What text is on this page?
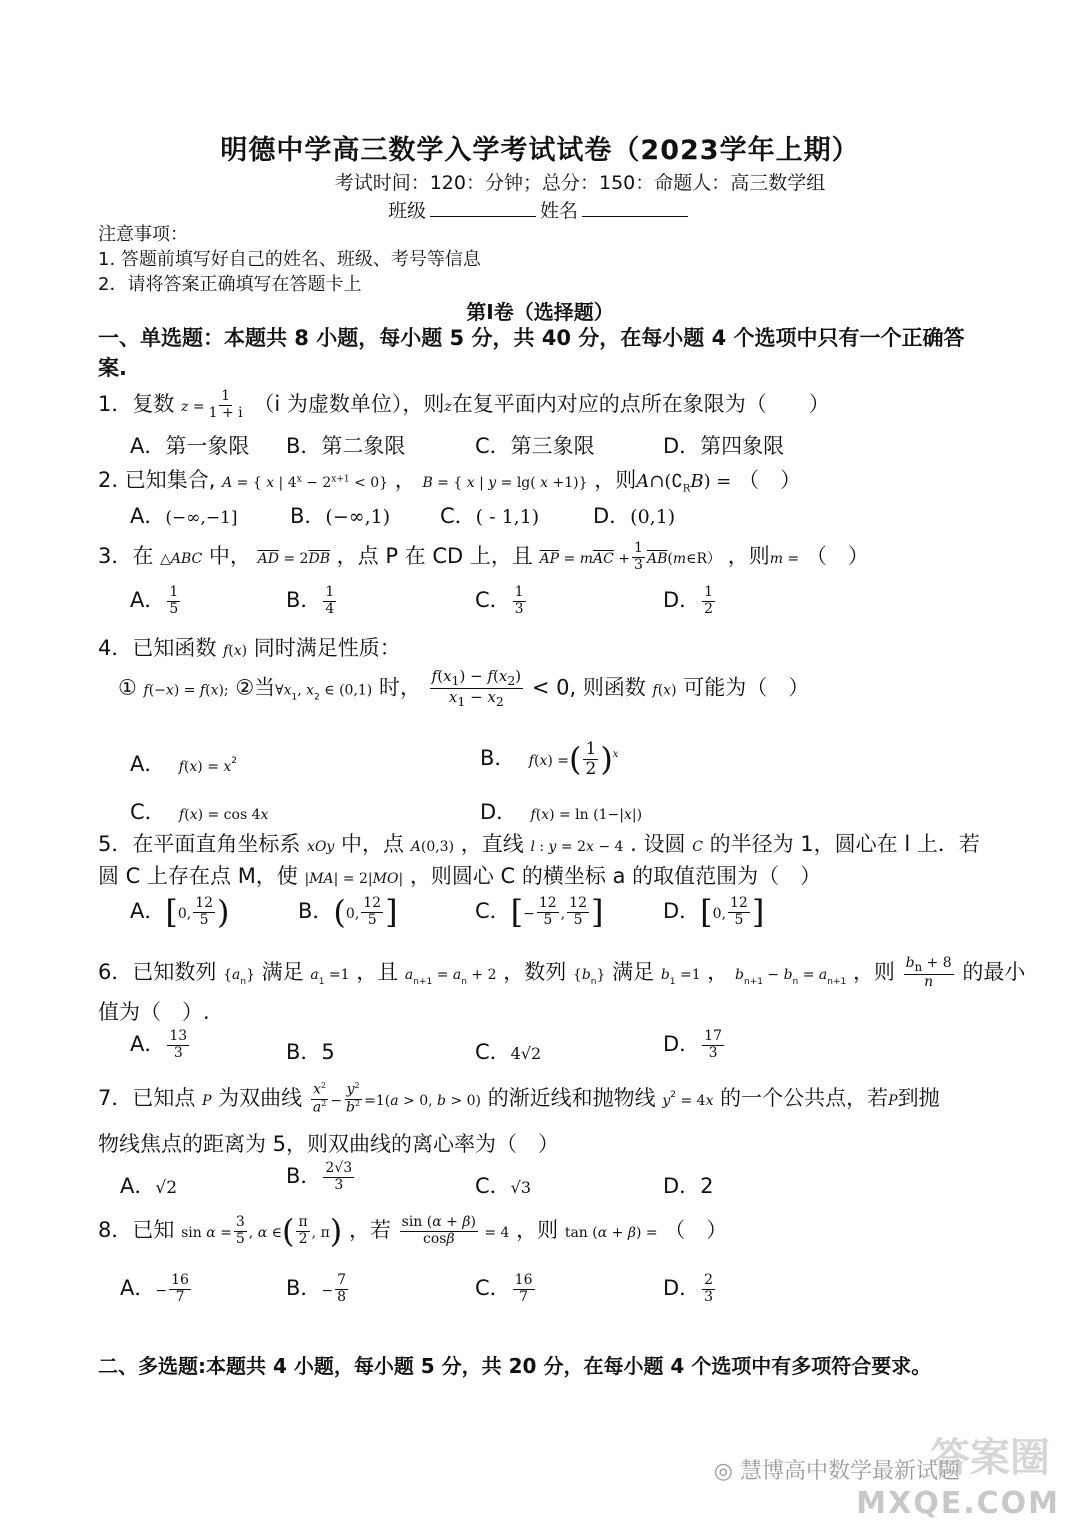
明德中学高三数学入学考试试卷（2023学年上期）
考试时间：120：分钟；总分：150：命题人：高三数学组
班级	姓名
注意事项：
1. 答题前填写好自己的姓名、班级、考号等信息
2．请将答案正确填写在答题卡上
第Ⅰ卷（选择题）
一、单选题：本题共 8 小题，每小题 5 分，共 40 分，在每小题 4 个选项中只有一个正确答
案.
1．复数 $z = \frac{1}{1 + i} (i$ 为虚数单位），则z在复平面内对应的点所在象限为（　　）
A．第一象限 B．第二象限	C．第三象限	D．第四象限
2. 已知集合, A = { x | $4^x - 2^{x+1} < 0$} ， B = { x | y = lg( x +1)} ，则$A\cap(∁_RB)$ = （　）
A．(−∞,−1] B．(−∞,1) C．( - 1,1)	D．(0,1)
3．在 △ABC 中， $\overline{AD} = 2\overline{DB}$ ，点 P 在 CD 上，且 $\overline{AP} = m\overline{AC} + \frac{1}{3}$ $\overline{AB}(m\in R)$ ，则m = （　）
A． $\frac{1}{5}$	B． $\frac{1}{4}$	C． $\frac{1}{3}$	D． $\frac{1}{2}$
4．已知函数 f(x) 同时满足性质：
① f(−x) = f(x); ②当$\forall x_1$, $x_2$ ∈ (0,1) 时， $\frac{f(x_1) - f(x_2)}{x_1 - x_2} < 0$, 则函数 f(x) 可能为（　）
A． $f(x) = x^2$	B． f(x) =( $\frac{1}{2} )^x$
C． f(x) = cos 4x	D． f(x) = ln (1−|x|)
5．在平面直角坐标系 xOy 中，点 A(0,3) ，直线 l : y = 2x − 4 . 设圆 C 的半径为 1，圆心在 l 上．若
圆 C 上存在点 M，使 |MA| = 2|MO| ，则圆心 C 的横坐标 a 的取值范围为（　）
A．[0, $\frac{12}{5}$ )	B．(0, $\frac{12}{5}$ ]	C．[− $\frac{12}{5}$ , $\frac{12}{5}$ ]	D．[0, $\frac{12}{5}$ ]
6．已知数列 $\{a_n\}$ 满足 $a_1 =1$ ，且 $a_{n+1} = a_n + 2$ ，数列 $\{b_n\}$ 满足 $b_1 =1$ ， $b_{n+1} - b_n = a_{n+1}$ ，则 $\frac{b_n + 8}{n}$ 的最小
值为（　）.
A． $\frac{13}{3}$	B．5	C．4√2	D． $\frac{17}{3}$
7．已知点 P 为双曲线 $\frac{x^2}{a^2} - \frac{y^2}{b^2} =1(a > 0$, b > 0) 的渐近线和抛物线 $y^2 = 4x$ 的一个公共点，若P到抛
物线焦点的距离为 5，则双曲线的离心率为（　）
A．√2	B． $\frac{2√3}{3}$	C．√3	D．2
8．已知 $\sin \alpha = \frac{3}{5}$ , α ∈( $\frac{\pi}{2}$ , π) ，若 $\frac{\sin (\alpha + \beta)}{\cos\beta} = 4$ ，则 tan (α + β) = （　）
A．− $\frac{16}{7}$	B．− $\frac{7}{8}$	C． $\frac{16}{7}$	D． $\frac{2}{3}$
二、多选题:本题共 4 小题，每小题 5 分，共 20 分，在每小题 4 个选项中有多项符合要求。
答案圈
◎ 慧博高中数学最新试题
MXQE.COM
